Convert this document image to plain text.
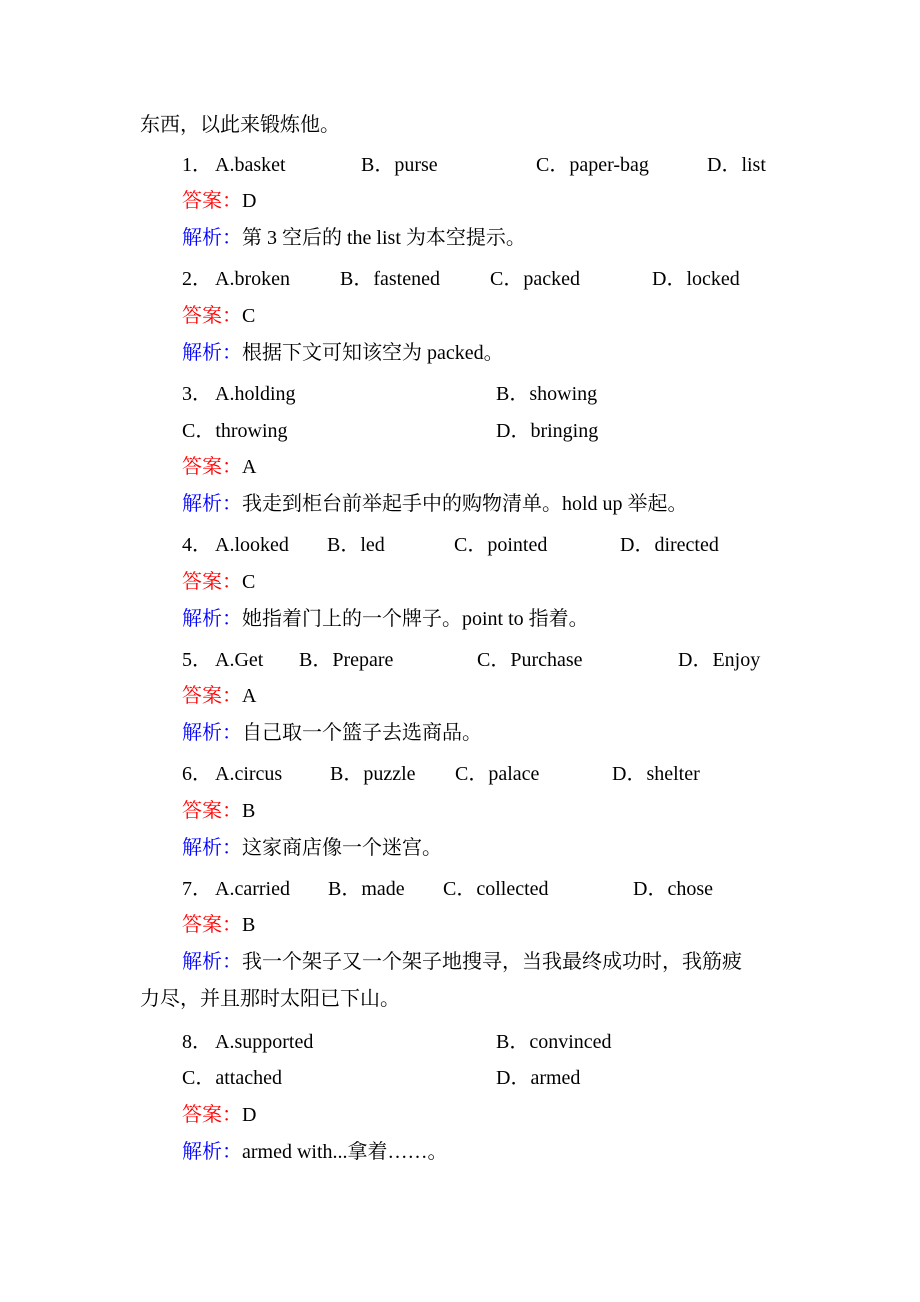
东西，以此来锻炼他。
1． A.basket	B．purse	C．paper-bag	D．list
答案：D
解析：第 3 空后的 the list 为本空提示。
2． A.broken	B．fastened	C．packed	D．locked
答案：C
解析：根据下文可知该空为 packed。
3． A.holding	B．showing
C．throwing	D．bringing
答案：A
解析：我走到柜台前举起手中的购物清单。hold up 举起。
4． A.looked B．led	C．pointed	D．directed
答案：C
解析：她指着门上的一个牌子。point to 指着。
5． A.Get B．Prepare	C．Purchase	D．Enjoy
答案：A
解析：自己取一个篮子去选商品。
6． A.circus B．puzzle C．palace	D．shelter
答案：B
解析：这家商店像一个迷宫。
7． A.carried B．made C．collected	D．chose
答案：B
解析：我一个架子又一个架子地搜寻，当我最终成功时，我筋疲
力尽，并且那时太阳已下山。
8． A.supported	B．convinced
C．attached	D．armed
答案：D
解析：armed with...拿着……。
